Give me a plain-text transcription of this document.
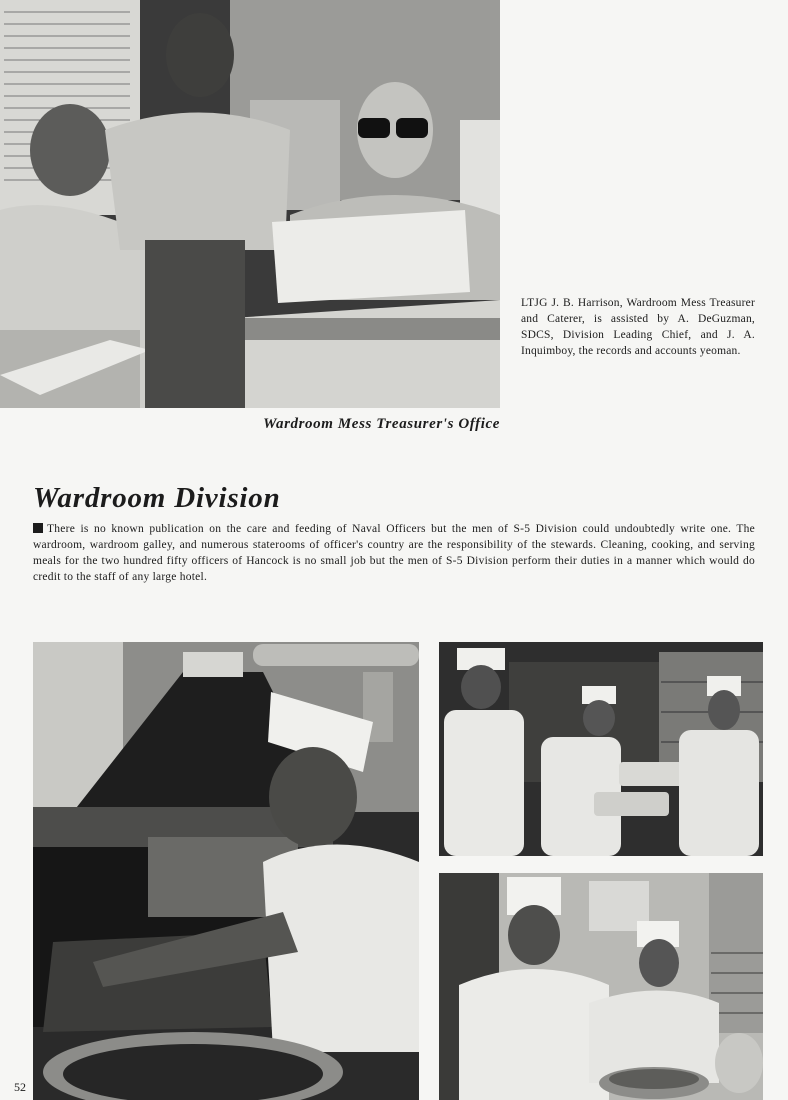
LTJG J. B. Harrison, Wardroom Mess Treasurer and Caterer, is assisted by A. DeGuzman, SDCS, Division Leading Chief, and J. A. Inquimboy, the records and accounts yeoman.
Wardroom Mess Treasurer's Office
Wardroom Division

There is no known publication on the care and feeding of Naval Officers but the men of S-5 Division could undoubtedly write one. The wardroom, wardroom galley, and numerous staterooms of officer's country are the responsibility of the stewards. Cleaning, cooking, and serving meals for the two hundred fifty officers of Hancock is no small job but the men of S-5 Division perform their duties in a manner which would do credit to the staff of any large hotel.

52
